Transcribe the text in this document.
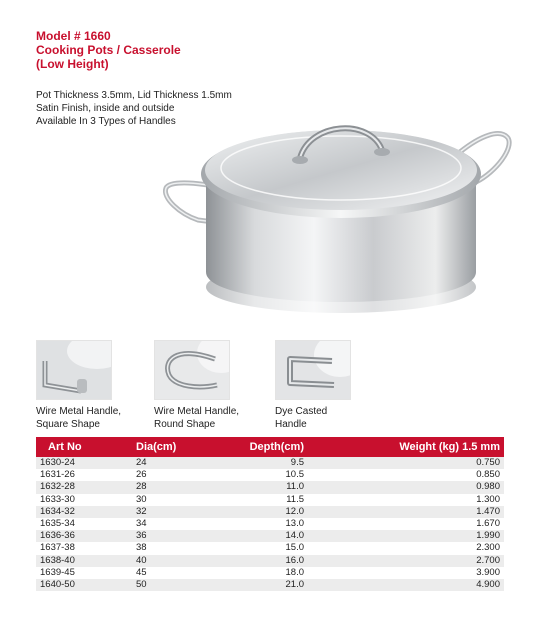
Model # 1660
Cooking Pots / Casserole
(Low Height)
Pot Thickness 3.5mm, Lid Thickness 1.5mm
Satin Finish, inside and outside
Available In 3 Types of Handles
Wire Metal Handle,
Square Shape
Wire Metal Handle,
Round Shape
Dye Casted
Handle
Art No	Dia(cm)	Depth(cm)	Weight (kg) 1.5 mm
1630-24	24	9.5	0.750
1631-26	26	10.5	0.850
1632-28	28	11.0	0.980
1633-30	30	11.5	1.300
1634-32	32	12.0	1.470
1635-34	34	13.0	1.670
1636-36	36	14.0	1.990
1637-38	38	15.0	2.300
1638-40	40	16.0	2.700
1639-45	45	18.0	3.900
1640-50	50	21.0	4.900
